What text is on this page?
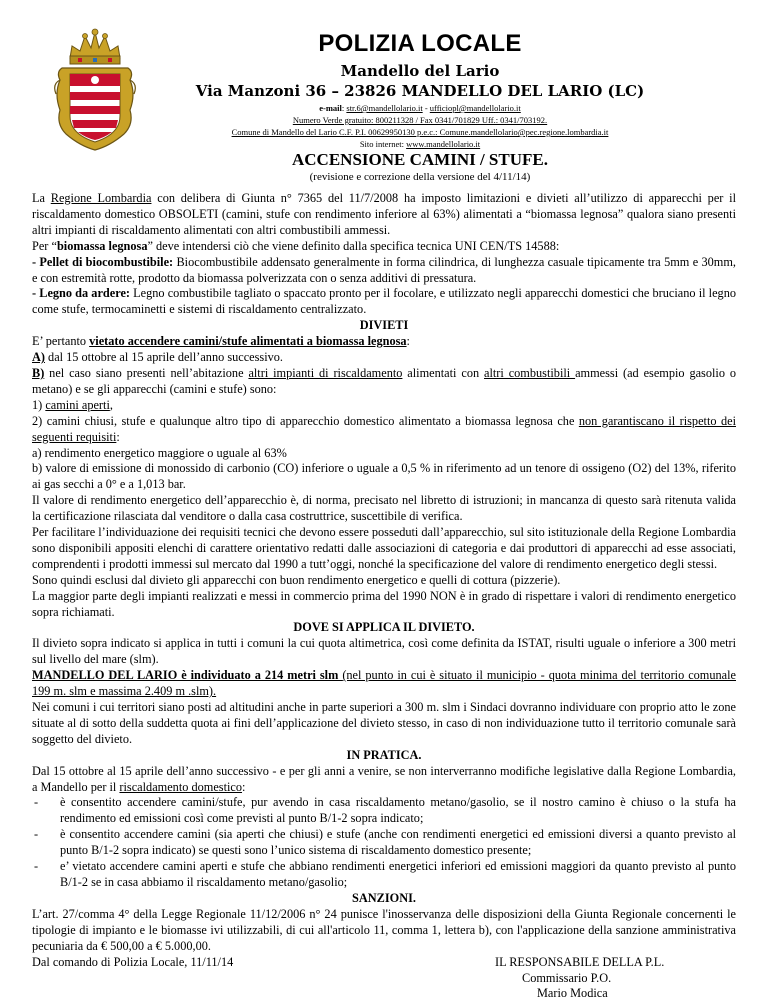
POLIZIA LOCALE
Mandello del Lario
Via Manzoni 36 – 23826 MANDELLO DEL LARIO (LC)
e-mail: str.6@mandellolario.it - ufficiopl@mandellolario.it
Numero Verde gratuito: 800211328 / Fax 0341/701829 Uff.: 0341/703192.
Comune di Mandello del Lario C.F. P.I. 00629950130 p.e.c.: Comune.mandellolario@pec.regione.lombardia.it
Sito internet: www.mandellolario.it
ACCENSIONE CAMINI / STUFE.
(revisione e correzione della versione del 4/11/14)

La Regione Lombardia con delibera di Giunta n° 7365 del 11/7/2008 ha imposto limitazioni e divieti all’utilizzo di apparecchi per il riscaldamento domestico OBSOLETI (camini, stufe con rendimento inferiore al 63%) alimentati a “biomassa legnosa” qualora siano presenti altri impianti di riscaldamento alimentati con altri combustibili ammessi.

Per “biomassa legnosa” deve intendersi ciò che viene definito dalla specifica tecnica UNI CEN/TS 14588:

- Pellet di biocombustibile: Biocombustibile addensato generalmente in forma cilindrica, di lunghezza casuale tipicamente tra 5mm e 30mm, e con estremità rotte, prodotto da biomassa polverizzata con o senza additivi di pressatura.

- Legno da ardere: Legno combustibile tagliato o spaccato pronto per il focolare, e utilizzato negli apparecchi domestici che bruciano il legno come stufe, termocaminetti e sistemi di riscaldamento centralizzato.

DIVIETI

E’ pertanto vietato accendere camini/stufe alimentati a biomassa legnosa:

A) dal 15 ottobre al 15 aprile dell’anno successivo.

B) nel caso siano presenti nell’abitazione altri impianti di riscaldamento alimentati con altri combustibili ammessi (ad esempio gasolio o metano) e se gli apparecchi (camini e stufe) sono:

1) camini aperti,

2) camini chiusi, stufe e qualunque altro tipo di apparecchio domestico alimentato a biomassa legnosa che non garantiscano il rispetto dei seguenti requisiti:

a) rendimento energetico maggiore o uguale al 63%

b) valore di emissione di monossido di carbonio (CO) inferiore o uguale a 0,5 % in riferimento ad un tenore di ossigeno (O2) del 13%, riferito ai gas secchi a 0° e a 1,013 bar.

Il valore di rendimento energetico dell’apparecchio è, di norma, precisato nel libretto di istruzioni; in mancanza di questo sarà ritenuta valida la certificazione rilasciata dal venditore o dalla casa costruttrice, suscettibile di verifica.

Per facilitare l’individuazione dei requisiti tecnici che devono essere posseduti dall’apparecchio, sul sito istituzionale della Regione Lombardia sono disponibili appositi elenchi di carattere orientativo redatti dalle associazioni di categoria e dai produttori di apparecchi ad esse associati, comprendenti i prodotti immessi sul mercato dal 1990 a tutt’oggi, nonché la specificazione del valore di rendimento energetico degli stessi.

Sono quindi esclusi dal divieto gli apparecchi con buon rendimento energetico e quelli di cottura (pizzerie).

La maggior parte degli impianti realizzati e messi in commercio prima del 1990 NON è in grado di rispettare i valori di rendimento energetico sopra richiamati.

DOVE SI APPLICA IL DIVIETO.

Il divieto sopra indicato si applica in tutti i comuni la cui quota altimetrica, così come definita da ISTAT, risulti uguale o inferiore a 300 metri sul livello del mare (slm).

MANDELLO DEL LARIO è individuato a 214 metri slm (nel punto in cui è situato il municipio - quota minima del territorio comunale 199 m. slm e massima 2.409 m .slm).

Nei comuni i cui territori siano posti ad altitudini anche in parte superiori a 300 m. slm i Sindaci dovranno individuare con proprio atto le zone situate al di sotto della suddetta quota ai fini dell’applicazione del divieto stesso, in caso di non individuazione tutto il territorio comunale sarà soggetto del divieto.

IN PRATICA.

Dal 15 ottobre al 15 aprile dell’anno successivo - e per gli anni a venire, se non interverranno modifiche legislative dalla Regione Lombardia, a Mandello per il riscaldamento domestico:

-	è consentito accendere camini/stufe, pur avendo in casa riscaldamento metano/gasolio, se il nostro camino è chiuso o la stufa ha rendimento ed emissioni così come previsti al punto B/1-2 sopra indicato;
-	è consentito accendere camini (sia aperti che chiusi) e stufe (anche con rendimenti energetici ed emissioni diversi a quanto previsto al punto B/1-2 sopra indicato) se questi sono l’unico sistema di riscaldamento domestico presente;
-	e’ vietato accendere camini aperti e stufe che abbiano rendimenti energetici inferiori ed emissioni maggiori da quanto previsto al punto B/1-2 se in casa abbiamo il riscaldamento metano/gasolio;

SANZIONI.

L’art. 27/comma 4° della Legge Regionale 11/12/2006 n° 24 punisce l'inosservanza delle disposizioni della Giunta Regionale concernenti le tipologie di impianto e le biomasse ivi utilizzabili, di cui all'articolo 11, comma 1, lettera b), con l'applicazione della sanzione amministrativa pecuniaria da € 500,00 a € 5.000,00.

Dal comando di Polizia Locale, 11/11/14	IL RESPONSABILE DELLA P.L.

Commissario P.O.

Mario Modica
